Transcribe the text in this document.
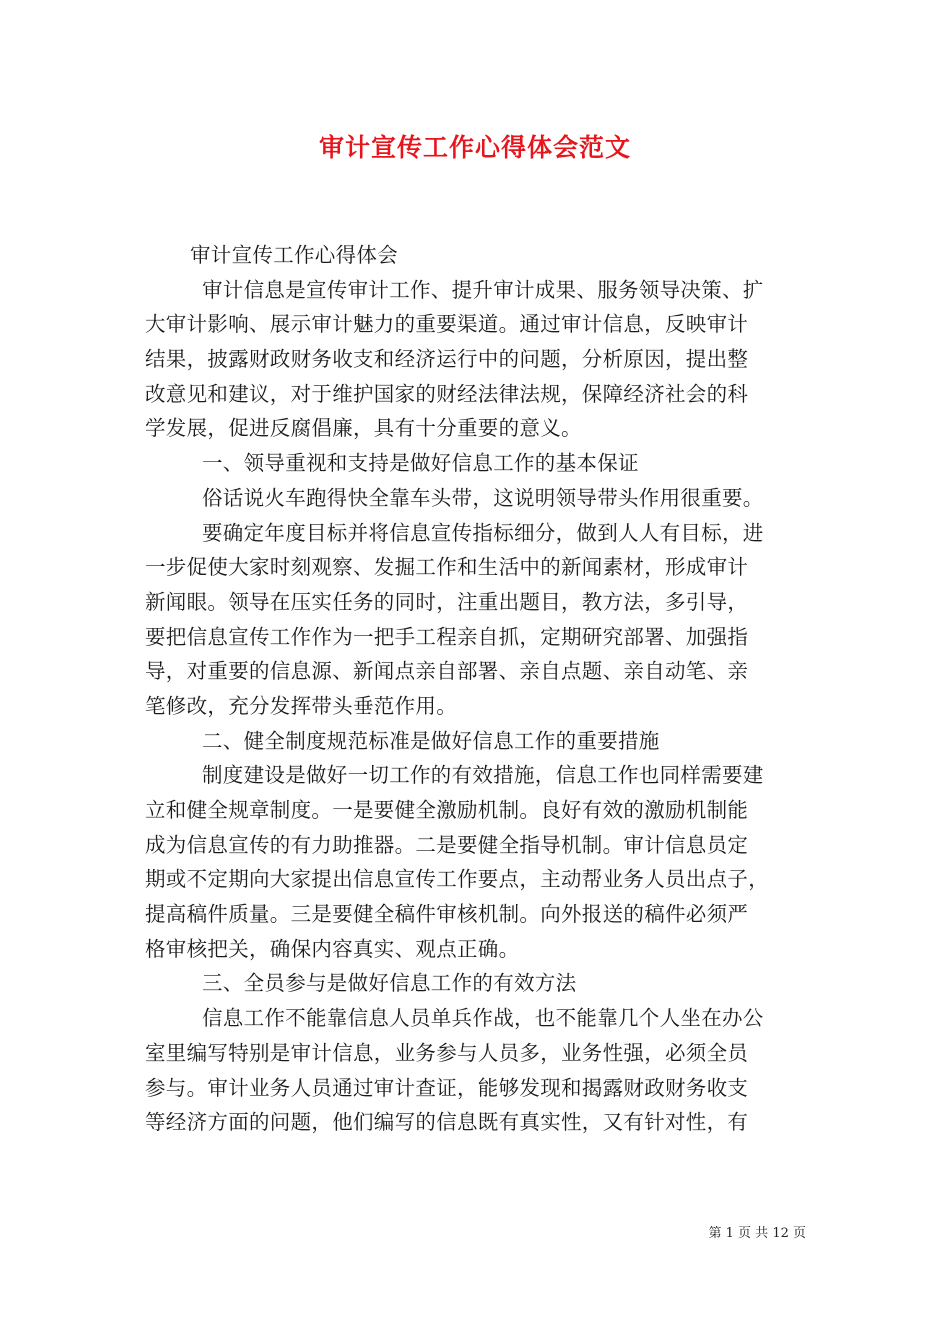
审计宣传工作心得体会范文
审计宣传工作心得体会
审计信息是宣传审计工作、提升审计成果、服务领导决策、扩
大审计影响、展示审计魅力的重要渠道。通过审计信息，反映审计
结果，披露财政财务收支和经济运行中的问题，分析原因，提出整
改意见和建议，对于维护国家的财经法律法规，保障经济社会的科
学发展，促进反腐倡廉，具有十分重要的意义。
一、领导重视和支持是做好信息工作的基本保证
俗话说火车跑得快全靠车头带，这说明领导带头作用很重要。
要确定年度目标并将信息宣传指标细分，做到人人有目标，进
一步促使大家时刻观察、发掘工作和生活中的新闻素材，形成审计
新闻眼。领导在压实任务的同时，注重出题目，教方法，多引导，
要把信息宣传工作作为一把手工程亲自抓，定期研究部署、加强指
导，对重要的信息源、新闻点亲自部署、亲自点题、亲自动笔、亲
笔修改，充分发挥带头垂范作用。
二、健全制度规范标准是做好信息工作的重要措施
制度建设是做好一切工作的有效措施，信息工作也同样需要建
立和健全规章制度。一是要健全激励机制。良好有效的激励机制能
成为信息宣传的有力助推器。二是要健全指导机制。审计信息员定
期或不定期向大家提出信息宣传工作要点，主动帮业务人员出点子，
提高稿件质量。三是要健全稿件审核机制。向外报送的稿件必须严
格审核把关，确保内容真实、观点正确。
三、全员参与是做好信息工作的有效方法
信息工作不能靠信息人员单兵作战，也不能靠几个人坐在办公
室里编写特别是审计信息，业务参与人员多，业务性强，必须全员
参与。审计业务人员通过审计查证，能够发现和揭露财政财务收支
等经济方面的问题，他们编写的信息既有真实性，又有针对性，有
第 1 页 共 12 页
